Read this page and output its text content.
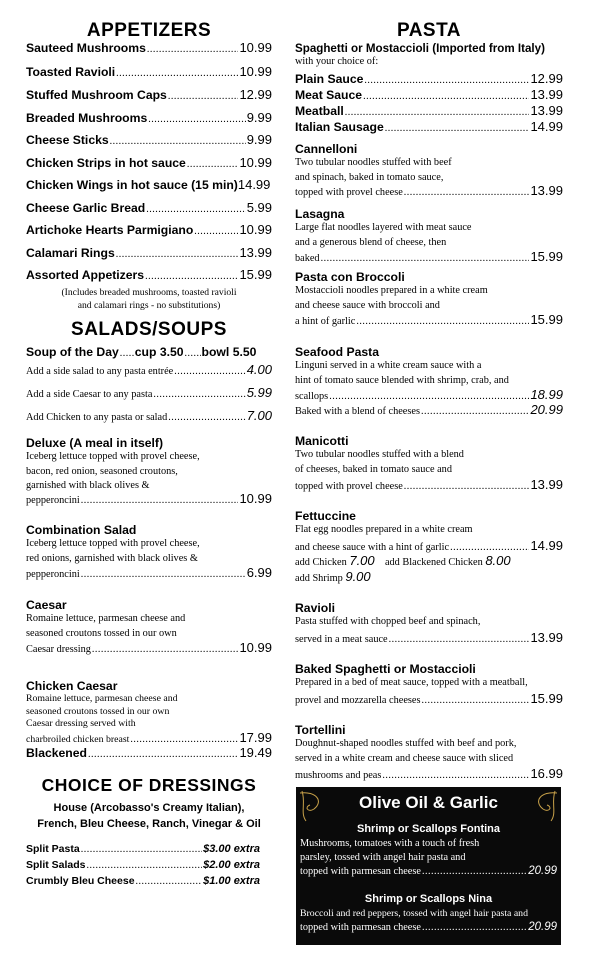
APPETIZERS
Sauteed Mushrooms .....	10.99
Toasted Ravioli .....	10.99
Stuffed Mushroom Caps .....	12.99
Breaded Mushrooms .....	9.99
Cheese Sticks .....	9.99
Chicken Strips in hot sauce .....	10.99
Chicken Wings in hot sauce (15 min) 14.99
Cheese Garlic Bread .....	5.99
Artichoke Hearts Parmigiano .....	10.99
Calamari Rings .....	13.99
Assorted Appetizers .....	15.99
(Includes breaded mushrooms, toasted ravioli
and calamari rings - no substitutions)
SALADS/SOUPS
Soup of the Day ..... cup 3.50 ..... bowl 5.50
Add a side salad to any pasta entrée .....	4.00
Add a side Caesar to any pasta .....	5.99
Add Chicken to any pasta or salad .....	7.00
Deluxe (A meal in itself)
Iceberg lettuce topped with provel cheese,
bacon, red onion, seasoned croutons,
garnished with black olives &
pepperoncini .....	10.99
Combination Salad
Iceberg lettuce topped with provel cheese,
red onions, garnished with black olives &
pepperoncini .....	6.99
Caesar
Romaine lettuce, parmesan cheese and
seasoned croutons tossed in our own
Caesar dressing .....	10.99
Chicken Caesar
Romaine lettuce, parmesan cheese and
seasoned croutons tossed in our own
Caesar dressing served with
charbroiled chicken breast .....	17.99
Blackened .....	19.49
CHOICE OF DRESSINGS
House (Arcobasso's Creamy Italian),
French, Bleu Cheese, Ranch, Vinegar & Oil
Split Pasta .....	$3.00 extra
Split Salads .....	$2.00 extra
Crumbly Bleu Cheese .....	$1.00 extra
PASTA
Spaghetti or Mostaccioli (Imported from Italy)
with your choice of:
Plain Sauce .....	12.99
Meat Sauce .....	13.99
Meatball .....	13.99
Italian Sausage .....	14.99
Cannelloni
Two tubular noodles stuffed with beef
and spinach, baked in tomato sauce,
topped with provel cheese .....	13.99
Lasagna
Large flat noodles layered with meat sauce
and a generous blend of cheese, then
baked .....	15.99
Pasta con Broccoli
Mostaccioli noodles prepared in a white cream
and cheese sauce with broccoli and
a hint of garlic .....	15.99
Seafood Pasta
Linguni served in a white cream sauce with a
hint of tomato sauce blended with shrimp, crab, and
scallops .....	18.99
Baked with a blend of cheeses .....	20.99
Manicotti
Two tubular noodles stuffed with a blend
of cheeses, baked in tomato sauce and
topped with provel cheese .....	13.99
Fettuccine
Flat egg noodles prepared in a white cream
and cheese sauce with a hint of garlic .....	14.99
add Chicken 7.00 add Blackened Chicken 8.00
add Shrimp 9.00
Ravioli
Pasta stuffed with chopped beef and spinach,
served in a meat sauce .....	13.99
Baked Spaghetti or Mostaccioli
Prepared in a bed of meat sauce, topped with a meatball,
provel and mozzarella cheeses .....	15.99
Tortellini
Doughnut-shaped noodles stuffed with beef and pork,
served in a white cream and cheese sauce with sliced
mushrooms and peas .....	16.99
Olive Oil & Garlic
Shrimp or Scallops Fontina
Mushrooms, tomatoes with a touch of fresh
parsley, tossed with angel hair pasta and
topped with parmesan cheese .....	20.99
Shrimp or Scallops Nina
Broccoli and red peppers, tossed with angel hair pasta and
topped with parmesan cheese .....	20.99
